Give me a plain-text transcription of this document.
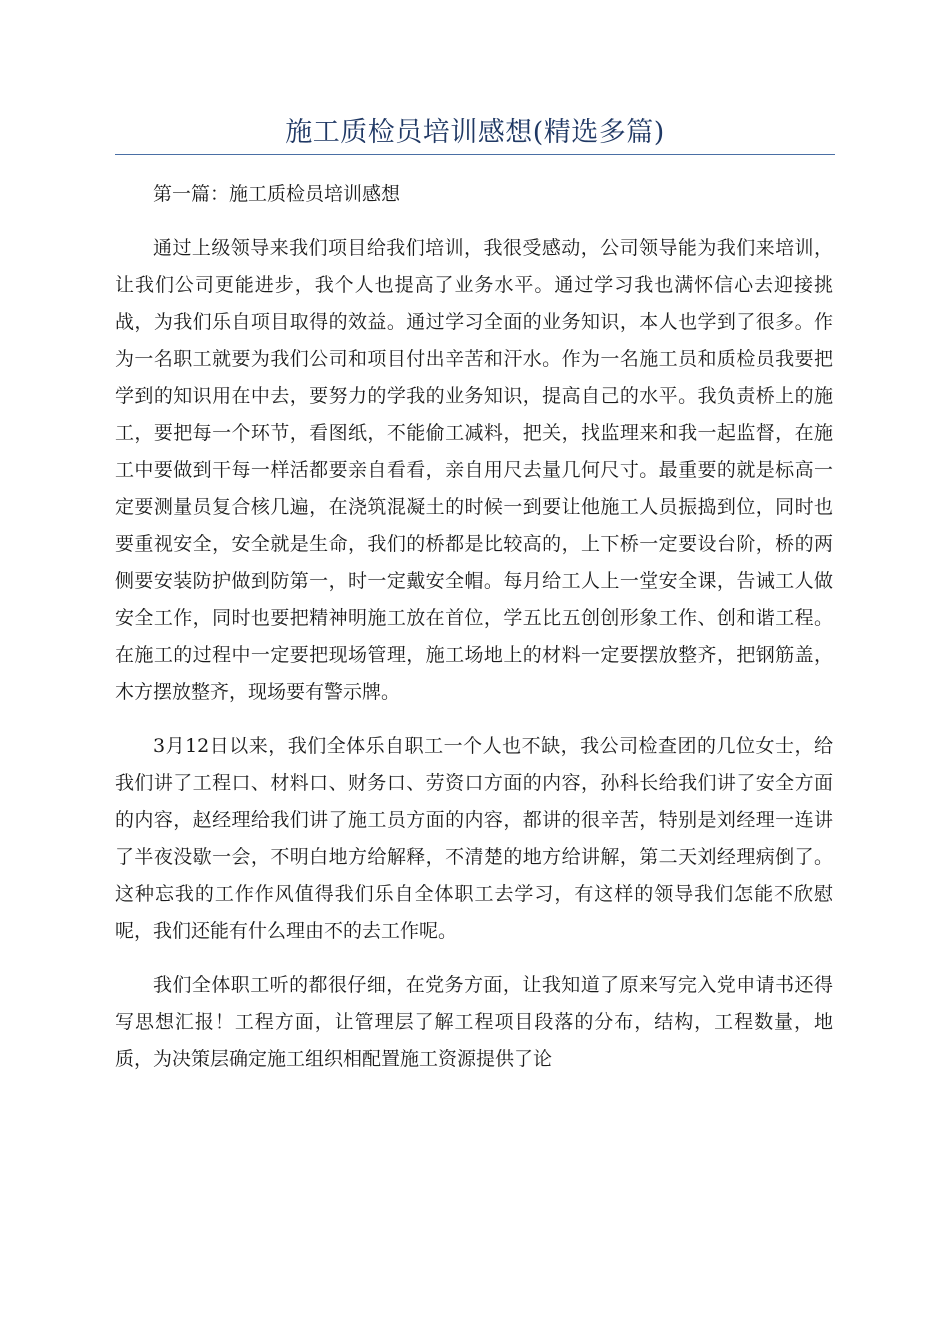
施工质检员培训感想(精选多篇)

第一篇：施工质检员培训感想

通过上级领导来我们项目给我们培训，我很受感动，公司领导能为我们来培训，让我们公司更能进步，我个人也提高了业务水平。通过学习我也满怀信心去迎接挑战，为我们乐自项目取得的效益。通过学习全面的业务知识，本人也学到了很多。作为一名职工就要为我们公司和项目付出辛苦和汗水。作为一名施工员和质检员我要把学到的知识用在中去，要努力的学我的业务知识，提高自己的水平。我负责桥上的施工，要把每一个环节，看图纸，不能偷工减料，把关，找监理来和我一起监督，在施工中要做到干每一样活都要亲自看看，亲自用尺去量几何尺寸。最重要的就是标高一定要测量员复合核几遍，在浇筑混凝土的时候一到要让他施工人员振捣到位，同时也要重视安全，安全就是生命，我们的桥都是比较高的，上下桥一定要设台阶，桥的两侧要安装防护做到防第一，时一定戴安全帽。每月给工人上一堂安全课，告诫工人做安全工作，同时也要把精神明施工放在首位，学五比五创创形象工作、创和谐工程。在施工的过程中一定要把现场管理，施工场地上的材料一定要摆放整齐，把钢筋盖，木方摆放整齐，现场要有警示牌。

3月12日以来，我们全体乐自职工一个人也不缺，我公司检查团的几位女士，给我们讲了工程口、材料口、财务口、劳资口方面的内容，孙科长给我们讲了安全方面的内容，赵经理给我们讲了施工员方面的内容，都讲的很辛苦，特别是刘经理一连讲了半夜没歇一会，不明白地方给解释，不清楚的地方给讲解，第二天刘经理病倒了。这种忘我的工作作风值得我们乐自全体职工去学习，有这样的领导我们怎能不欣慰呢，我们还能有什么理由不的去工作呢。

我们全体职工听的都很仔细，在党务方面，让我知道了原来写完入党申请书还得写思想汇报！工程方面，让管理层了解工程项目段落的分布，结构，工程数量，地质，为决策层确定施工组织相配置施工资源提供了论
